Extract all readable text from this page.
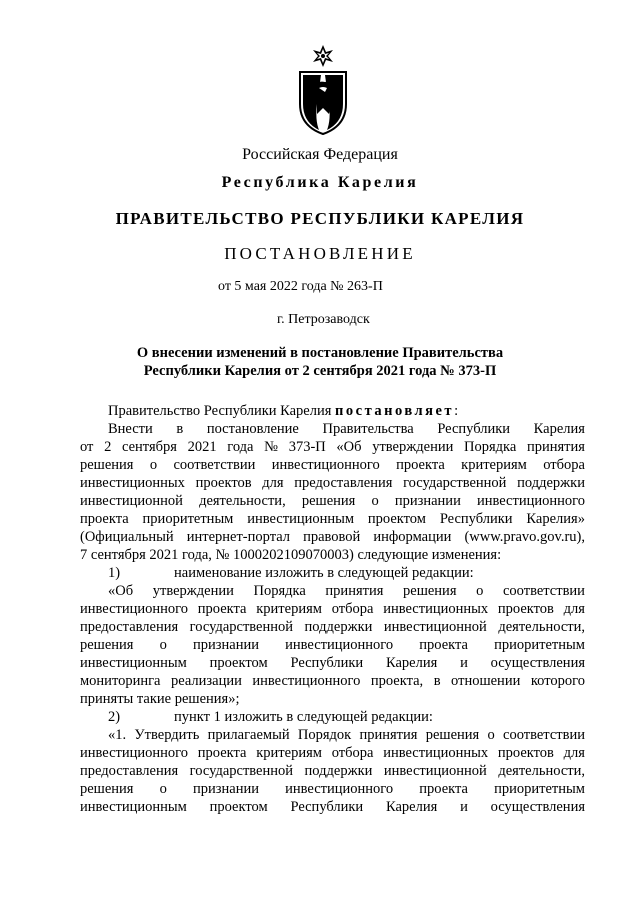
Российская Федерация
Республика Карелия
ПРАВИТЕЛЬСТВО РЕСПУБЛИКИ КАРЕЛИЯ
ПОСТАНОВЛЕНИЕ
от 5 мая 2022 года № 263-П
г. Петрозаводск
О внесении изменений в постановление Правительства
Республики Карелия от 2 сентября 2021 года № 373-П
Правительство Республики Карелия постановляет:
Внести в постановление Правительства Республики Карелия
от 2 сентября 2021 года № 373-П «Об утверждении Порядка принятия
решения о соответствии инвестиционного проекта критериям отбора
инвестиционных проектов для предоставления государственной поддержки
инвестиционной деятельности, решения о признании инвестиционного
проекта приоритетным инвестиционным проектом Республики Карелия»
(Официальный интернет-портал правовой информации (www.pravo.gov.ru),
7 сентября 2021 года, № 1000202109070003) следующие изменения:
1)	наименование изложить в следующей редакции:
«Об утверждении Порядка принятия решения о соответствии
инвестиционного проекта критериям отбора инвестиционных проектов для
предоставления государственной поддержки инвестиционной деятельности,
решения о признании инвестиционного проекта приоритетным
инвестиционным проектом Республики Карелия и осуществления
мониторинга реализации инвестиционного проекта, в отношении которого
приняты такие решения»;
2)	пункт 1 изложить в следующей редакции:
«1. Утвердить прилагаемый Порядок принятия решения о соответствии
инвестиционного проекта критериям отбора инвестиционных проектов для
предоставления государственной поддержки инвестиционной деятельности,
решения о признании инвестиционного проекта приоритетным
инвестиционным проектом Республики Карелия и осуществления
